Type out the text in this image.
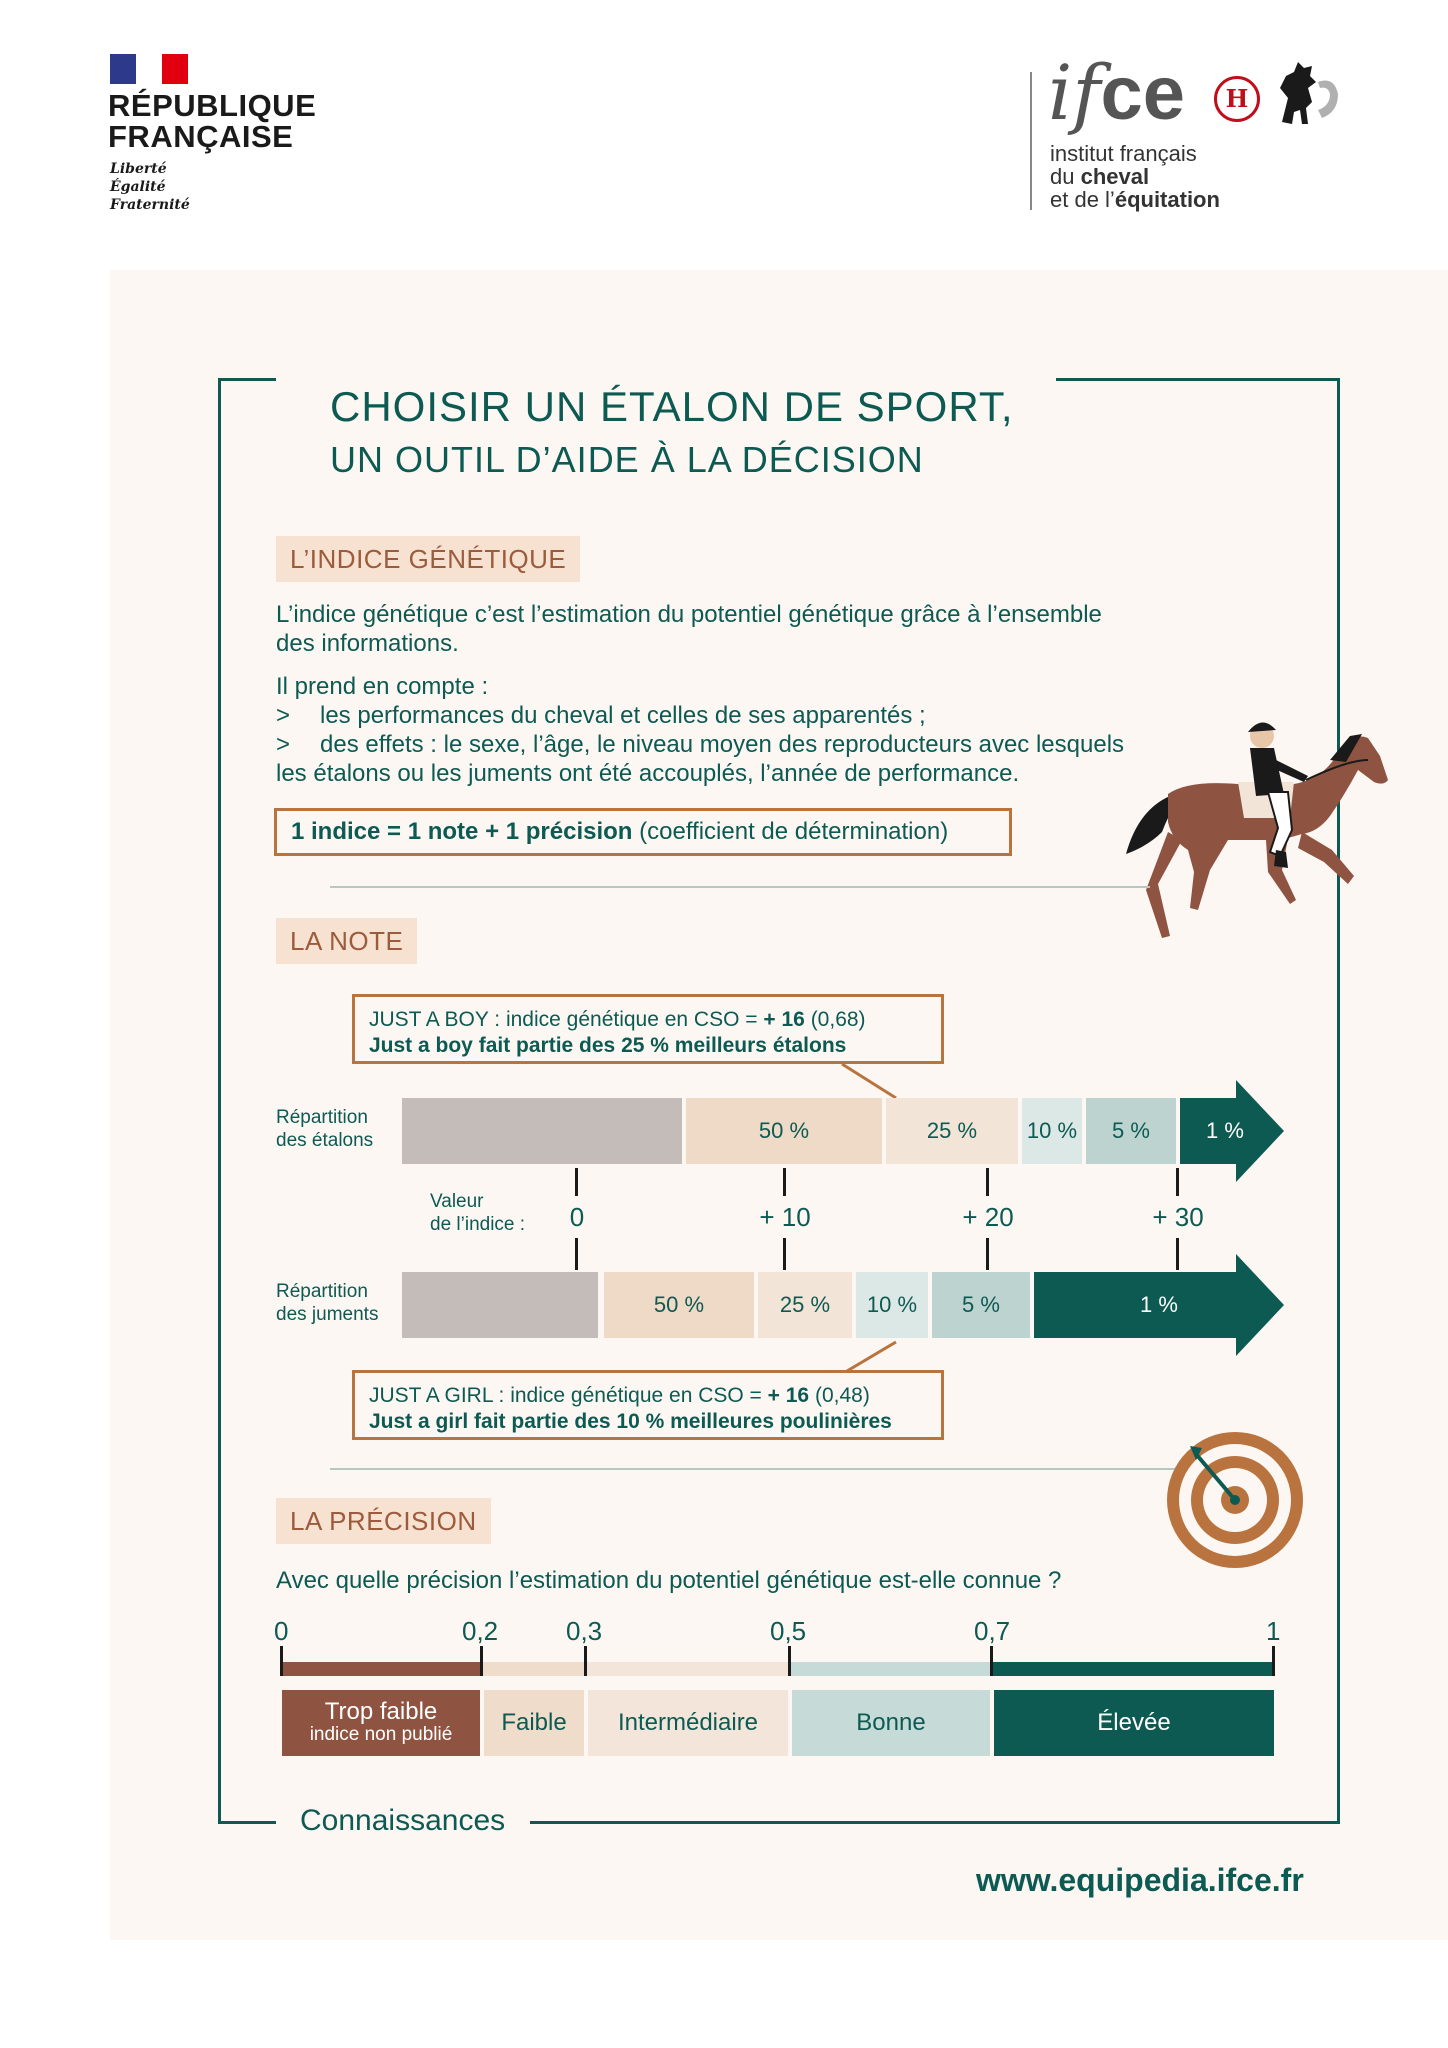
RÉPUBLIQUE
FRANÇAISE
Liberté
Égalité
Fraternité
ifce	H
institut français
du cheval
et de l’équitation
CHOISIR UN ÉTALON DE SPORT,
UN OUTIL D’AIDE À LA DÉCISION
L’INDICE GÉNÉTIQUE
L’indice génétique c’est l’estimation du potentiel génétique grâce à l’ensemble
des informations.
Il prend en compte :
> les performances du cheval et celles de ses apparentés ;
> des effets : le sexe, l’âge, le niveau moyen des reproducteurs avec lesquels
les étalons ou les juments ont été accouplés, l’année de performance.
1 indice = 1 note + 1 précision (coefficient de détermination)
LA NOTE
JUST A BOY : indice génétique en CSO = + 16 (0,68)
Just a boy fait partie des 25 % meilleurs étalons
Répartition
des étalons	50 %	25 %	10 %	5 %	1 %
Valeur
de l’indice :	0	+ 10	+ 20	+ 30
Répartition
des juments	50 %	25 %	10 %	5 %	1 %
JUST A GIRL : indice génétique en CSO = + 16 (0,48)
Just a girl fait partie des 10 % meilleures poulinières
LA PRÉCISION
Avec quelle précision l’estimation du potentiel génétique est-elle connue ?
0	0,2	0,3	0,5	0,7	1
Trop faible
indice non publié	Faible	Intermédiaire	Bonne	Élevée
Connaissances
www.equipedia.ifce.fr
